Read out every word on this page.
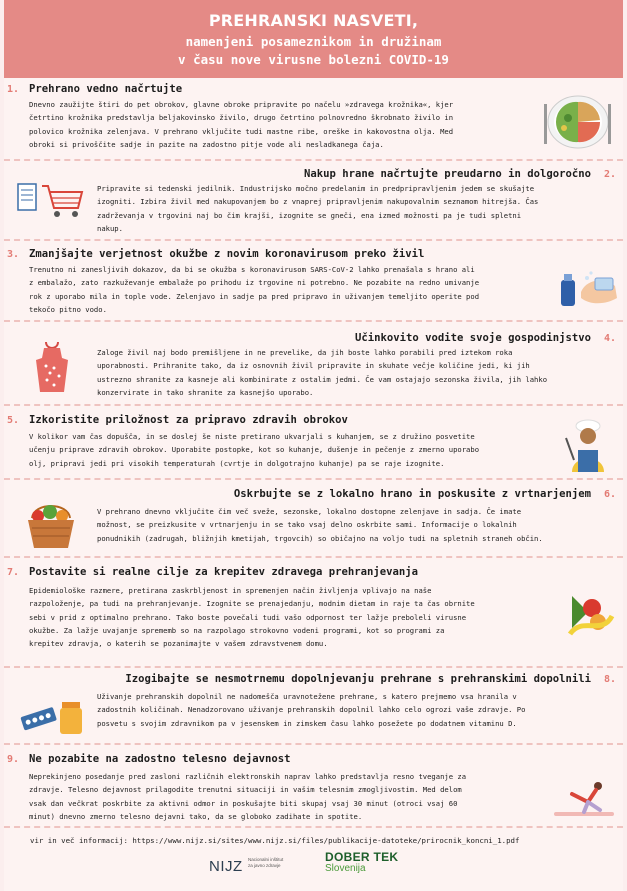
PREHRANSKI NASVETI,
namenjeni posameznikom in družinam
v času nove virusne bolezni COVID-19
1. Prehrano vedno načrtujte
Dnevno zaužijte štiri do pet obrokov, glavne obroke pripravite po načelu »zdravega krožnika«, kjer
četrtino krožnika predstavlja beljakovinsko živilo, drugo četrtino polnovredno škrobnato živilo in
polovico krožnika zelenjava. V prehrano vključite tudi mastne ribe, oreške in kakovostna olja. Med
obroki si privoščite sadje in pazite na zadostno pitje vode ali nesladkanega čaja.
Nakup hrane načrtujte preudarno in dolgoročno 2.
Pripravite si tedenski jedilnik. Industrijsko močno predelanim in predpripravljenim jedem se skušajte
izogniti. Izbira živil med nakupovanjem bo z vnaprej pripravljenim nakupovalnim seznamom hitrejša. Čas
zadrževanja v trgovini naj bo čim krajši, izognite se gneči, ena izmed možnosti pa je tudi spletni
nakup.
3. Zmanjšajte verjetnost okužbe z novim koronavirusom preko živil
Trenutno ni zanesljivih dokazov, da bi se okužba s koronavirusom SARS-CoV-2 lahko prenašala s hrano ali
z embalažo, zato razkuževanje embalaže po prihodu iz trgovine ni potrebno. Ne pozabite na redno umivanje
rok z uporabo mila in tople vode. Zelenjavo in sadje pa pred pripravo in uživanjem temeljito operite pod
tekočo pitno vodo.
Učinkovito vodite svoje gospodinjstvo 4.
Zaloge živil naj bodo premišljene in ne prevelike, da jih boste lahko porabili pred iztekom roka
uporabnosti. Prihranite tako, da iz osnovnih živil pripravite in skuhate večje količine jedi, ki jih
ustrezno shranite za kasneje ali kombinirate z ostalim jedmi. Če vam ostajajo sezonska živila, jih lahko
konzervirate in tako shranite za kasnejšo uporabo.
5. Izkoristite priložnost za pripravo zdravih obrokov
V kolikor vam čas dopušča, in se doslej še niste pretirano ukvarjali s kuhanjem, se z družino posvetite
učenju priprave zdravih obrokov. Uporabite postopke, kot so kuhanje, dušenje in pečenje z zmerno uporabo
olj, pripravi jedi pri visokih temperaturah (cvrtje in dolgotrajno kuhanje) pa se raje izognite.
Oskrbujte se z lokalno hrano in poskusite z vrtnarjenjem 6.
V prehrano dnevno vključite čim več sveže, sezonske, lokalno dostopne zelenjave in sadja. Če imate
možnost, se preizkusite v vrtnarjenju in se tako vsaj delno oskrbite sami. Informacije o lokalnih
ponudnikih (zadrugah, bližnjih kmetijah, trgovcih) so običajno na voljo tudi na spletnih straneh občin.
7. Postavite si realne cilje za krepitev zdravega prehranjevanja
Epidemiološke razmere, pretirana zaskrbljenost in spremenjen način življenja vplivajo na naše
razpoloženje, pa tudi na prehranjevanje. Izognite se prenajedanju, modnim dietam in raje ta čas obrnite
sebi v prid z optimalno prehrano. Tako boste povečali tudi vašo odpornost ter lažje preboleli virusne
okužbe. Za lažje uvajanje sprememb so na razpolago strokovno vodeni programi, kot so programi za
krepitev zdravja, o katerih se pozanimajte v vašem zdravstvenem domu.
Izogibajte se nesmotrnemu dopolnjevanju prehrane s prehranskimi dopolnili 8.
Uživanje prehranskih dopolnil ne nadomešča uravnotežene prehrane, s katero prejmemo vsa hranila v
zadostnih količinah. Nenadzorovano uživanje prehranskih dopolnil lahko celo ogrozi vaše zdravje. Po
posvetu s svojim zdravnikom pa v jesenskem in zimskem času lahko posežete po dodatnem vitaminu D.
9. Ne pozabite na zadostno telesno dejavnost
Neprekinjeno posedanje pred zasloni različnih elektronskih naprav lahko predstavlja resno tveganje za
zdravje. Telesno dejavnost prilagodite trenutni situaciji in vašim telesnim zmogljivostim. Med delom
vsak dan večkrat poskrbite za aktivni odmor in poskušajte biti skupaj vsaj 30 minut (otroci vsaj 60
minut) dnevno zmerno telesno dejavni tako, da se globoko zadihate in spotite.
vir in več informacij: https://www.nijz.si/sites/www.nijz.si/files/publikacije-datoteke/prirocnik_koncni_1.pdf
NIJZ Nacionalni inštitut
za javno zdravje
DOBER TEK
Slovenija
